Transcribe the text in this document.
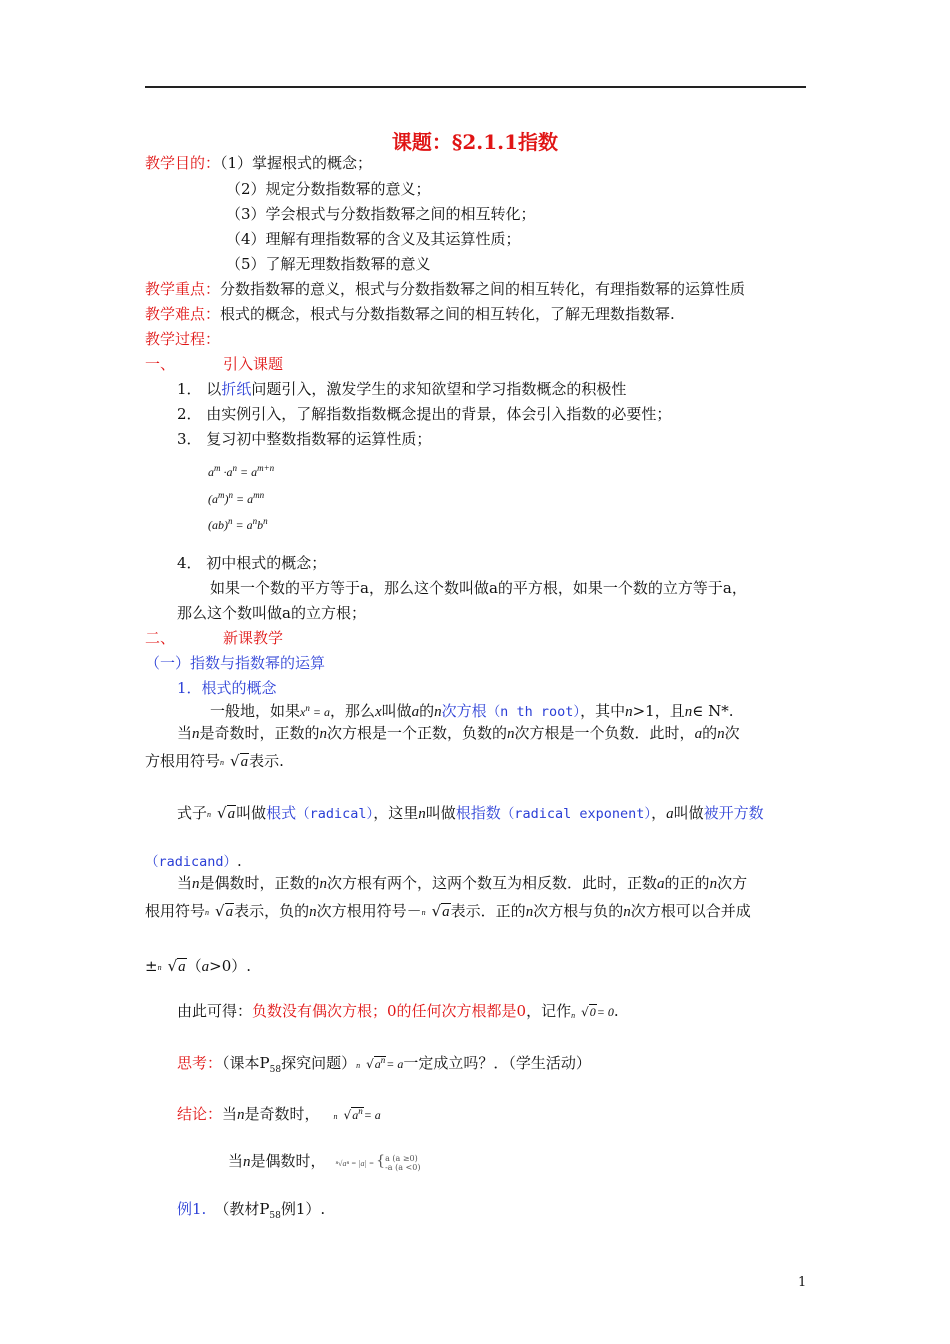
课题：§2.1.1指数
教学目的：（1）掌握根式的概念；
（2）规定分数指数幂的意义；
（3）学会根式与分数指数幂之间的相互转化；
（4）理解有理指数幂的含义及其运算性质；
（5）了解无理数指数幂的意义
教学重点：分数指数幂的意义，根式与分数指数幂之间的相互转化，有理指数幂的运算性质
教学难点：根式的概念，根式与分数指数幂之间的相互转化，了解无理数指数幂.
教学过程：
一、	引入课题
1． 以折纸问题引入，激发学生的求知欲望和学习指数概念的积极性
2． 由实例引入，了解指数指数概念提出的背景，体会引入指数的必要性；
3． 复习初中整数指数幂的运算性质；
$a^m \cdot a^n = a^{m+n}$
$(a^m)^n = a^{mn}$
$(ab)^n = a^nb^n$
4． 初中根式的概念；
如果一个数的平方等于a，那么这个数叫做a的平方根，如果一个数的立方等于a，
那么这个数叫做a的立方根；
二、	新课教学
（一）指数与指数幂的运算
1．根式的概念
一般地，如果$x^n = a$，那么x叫做a的n次方根（n th root），其中n>1，且n∈ N*.
当n是奇数时，正数的n次方根是一个正数，负数的n次方根是一个负数．此时，a的n次
方根用符号 n √a表示.
式子 n √a叫做根式（radical），这里n叫做根指数（radical exponent），a叫做被开方数
（radicand）.
当n是偶数时，正数的n次方根有两个，这两个数互为相反数．此时，正数a的正的n次方
根用符号 n √a表示，负的n次方根用符号－ n √a表示．正的n次方根与负的n次方根可以合并成
± n √a（a>0）.
由此可得：负数没有偶次方根；0的任何次方根都是0，记作 n √0= 0.
思考：（课本$P_{58}$探究问题） n $√a^n= a$一定成立吗？．（学生活动）
结论：当n是奇数时， n $√a^n= a$
当n是偶数时， ⁿ√aⁿ = |a| = { a (a ≥0)
-a (a <0)
例1. （教材$P_{58}$例1）.
1
